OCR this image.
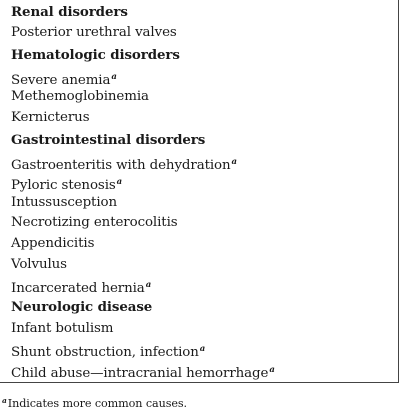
Renal disorders
Posterior urethral valves
Hematologic disorders
Severe anemia$^a$
Methemoglobinemia
Kernicterus
Gastrointestinal disorders
Gastroenteritis with dehydration$^a$
Pyloric stenosis$^a$
Intussusception
Necrotizing enterocolitis
Appendicitis
Volvulus
Incarcerated hernia$^a$
Neurologic disease
Infant botulism
Shunt obstruction, infection$^a$
Child abuse—intracranial hemorrhage$^a$
$^a$Indicates more common causes.
